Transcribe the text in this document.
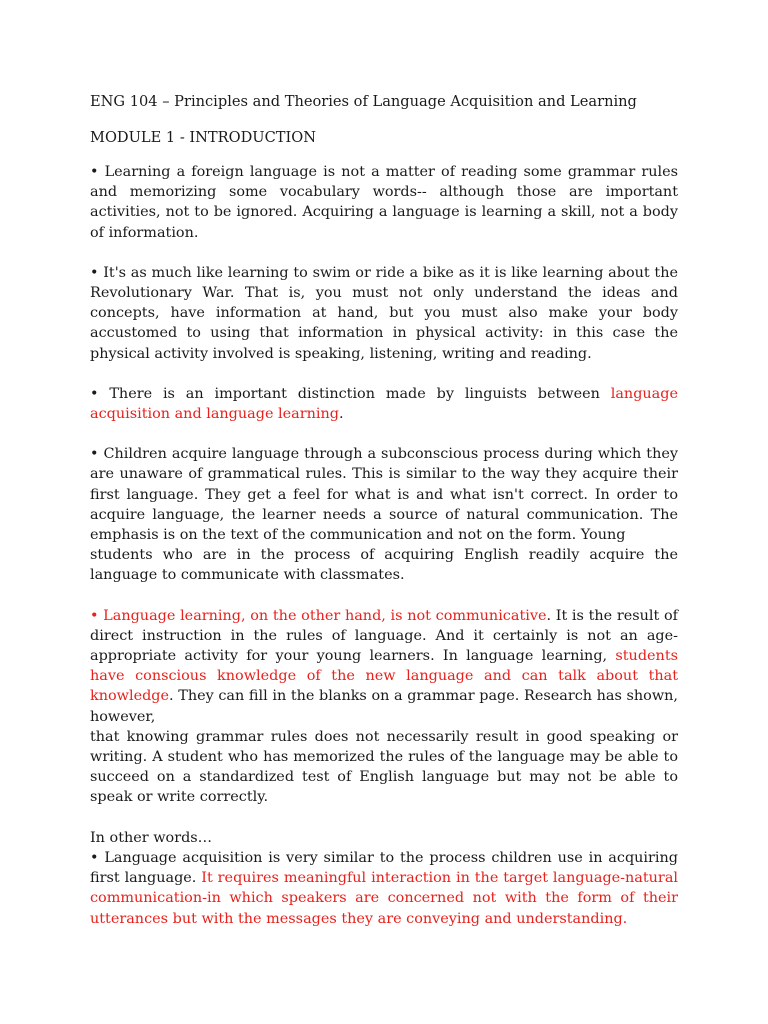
ENG 104 – Principles and Theories of Language Acquisition and Learning

MODULE 1 - INTRODUCTION

• Learning a foreign language is not a matter of reading some grammar rules and memorizing some vocabulary words-- although those are important activities, not to be ignored. Acquiring a language is learning a skill, not a body of information.

• It's as much like learning to swim or ride a bike as it is like learning about the Revolutionary War. That is, you must not only understand the ideas and concepts, have information at hand, but you must also make your body accustomed to using that information in physical activity: in this case the physical activity involved is speaking, listening, writing and reading.

• There is an important distinction made by linguists between language acquisition and language learning.

• Children acquire language through a subconscious process during which they are unaware of grammatical rules. This is similar to the way they acquire their first language. They get a feel for what is and what isn't correct. In order to acquire language, the learner needs a source of natural communication. The emphasis is on the text of the communication and not on the form. Young
students who are in the process of acquiring English readily acquire the language to communicate with classmates.

• Language learning, on the other hand, is not communicative. It is the result of direct instruction in the rules of language. And it certainly is not an age-appropriate activity for your young learners. In language learning, students have conscious knowledge of the new language and can talk about that knowledge. They can fill in the blanks on a grammar page. Research has shown, however,
that knowing grammar rules does not necessarily result in good speaking or writing. A student who has memorized the rules of the language may be able to succeed on a standardized test of English language but may not be able to speak or write correctly.

In other words…

• Language acquisition is very similar to the process children use in acquiring first language. It requires meaningful interaction in the target language-natural communication-in which speakers are concerned not with the form of their utterances but with the messages they are conveying and understanding.
